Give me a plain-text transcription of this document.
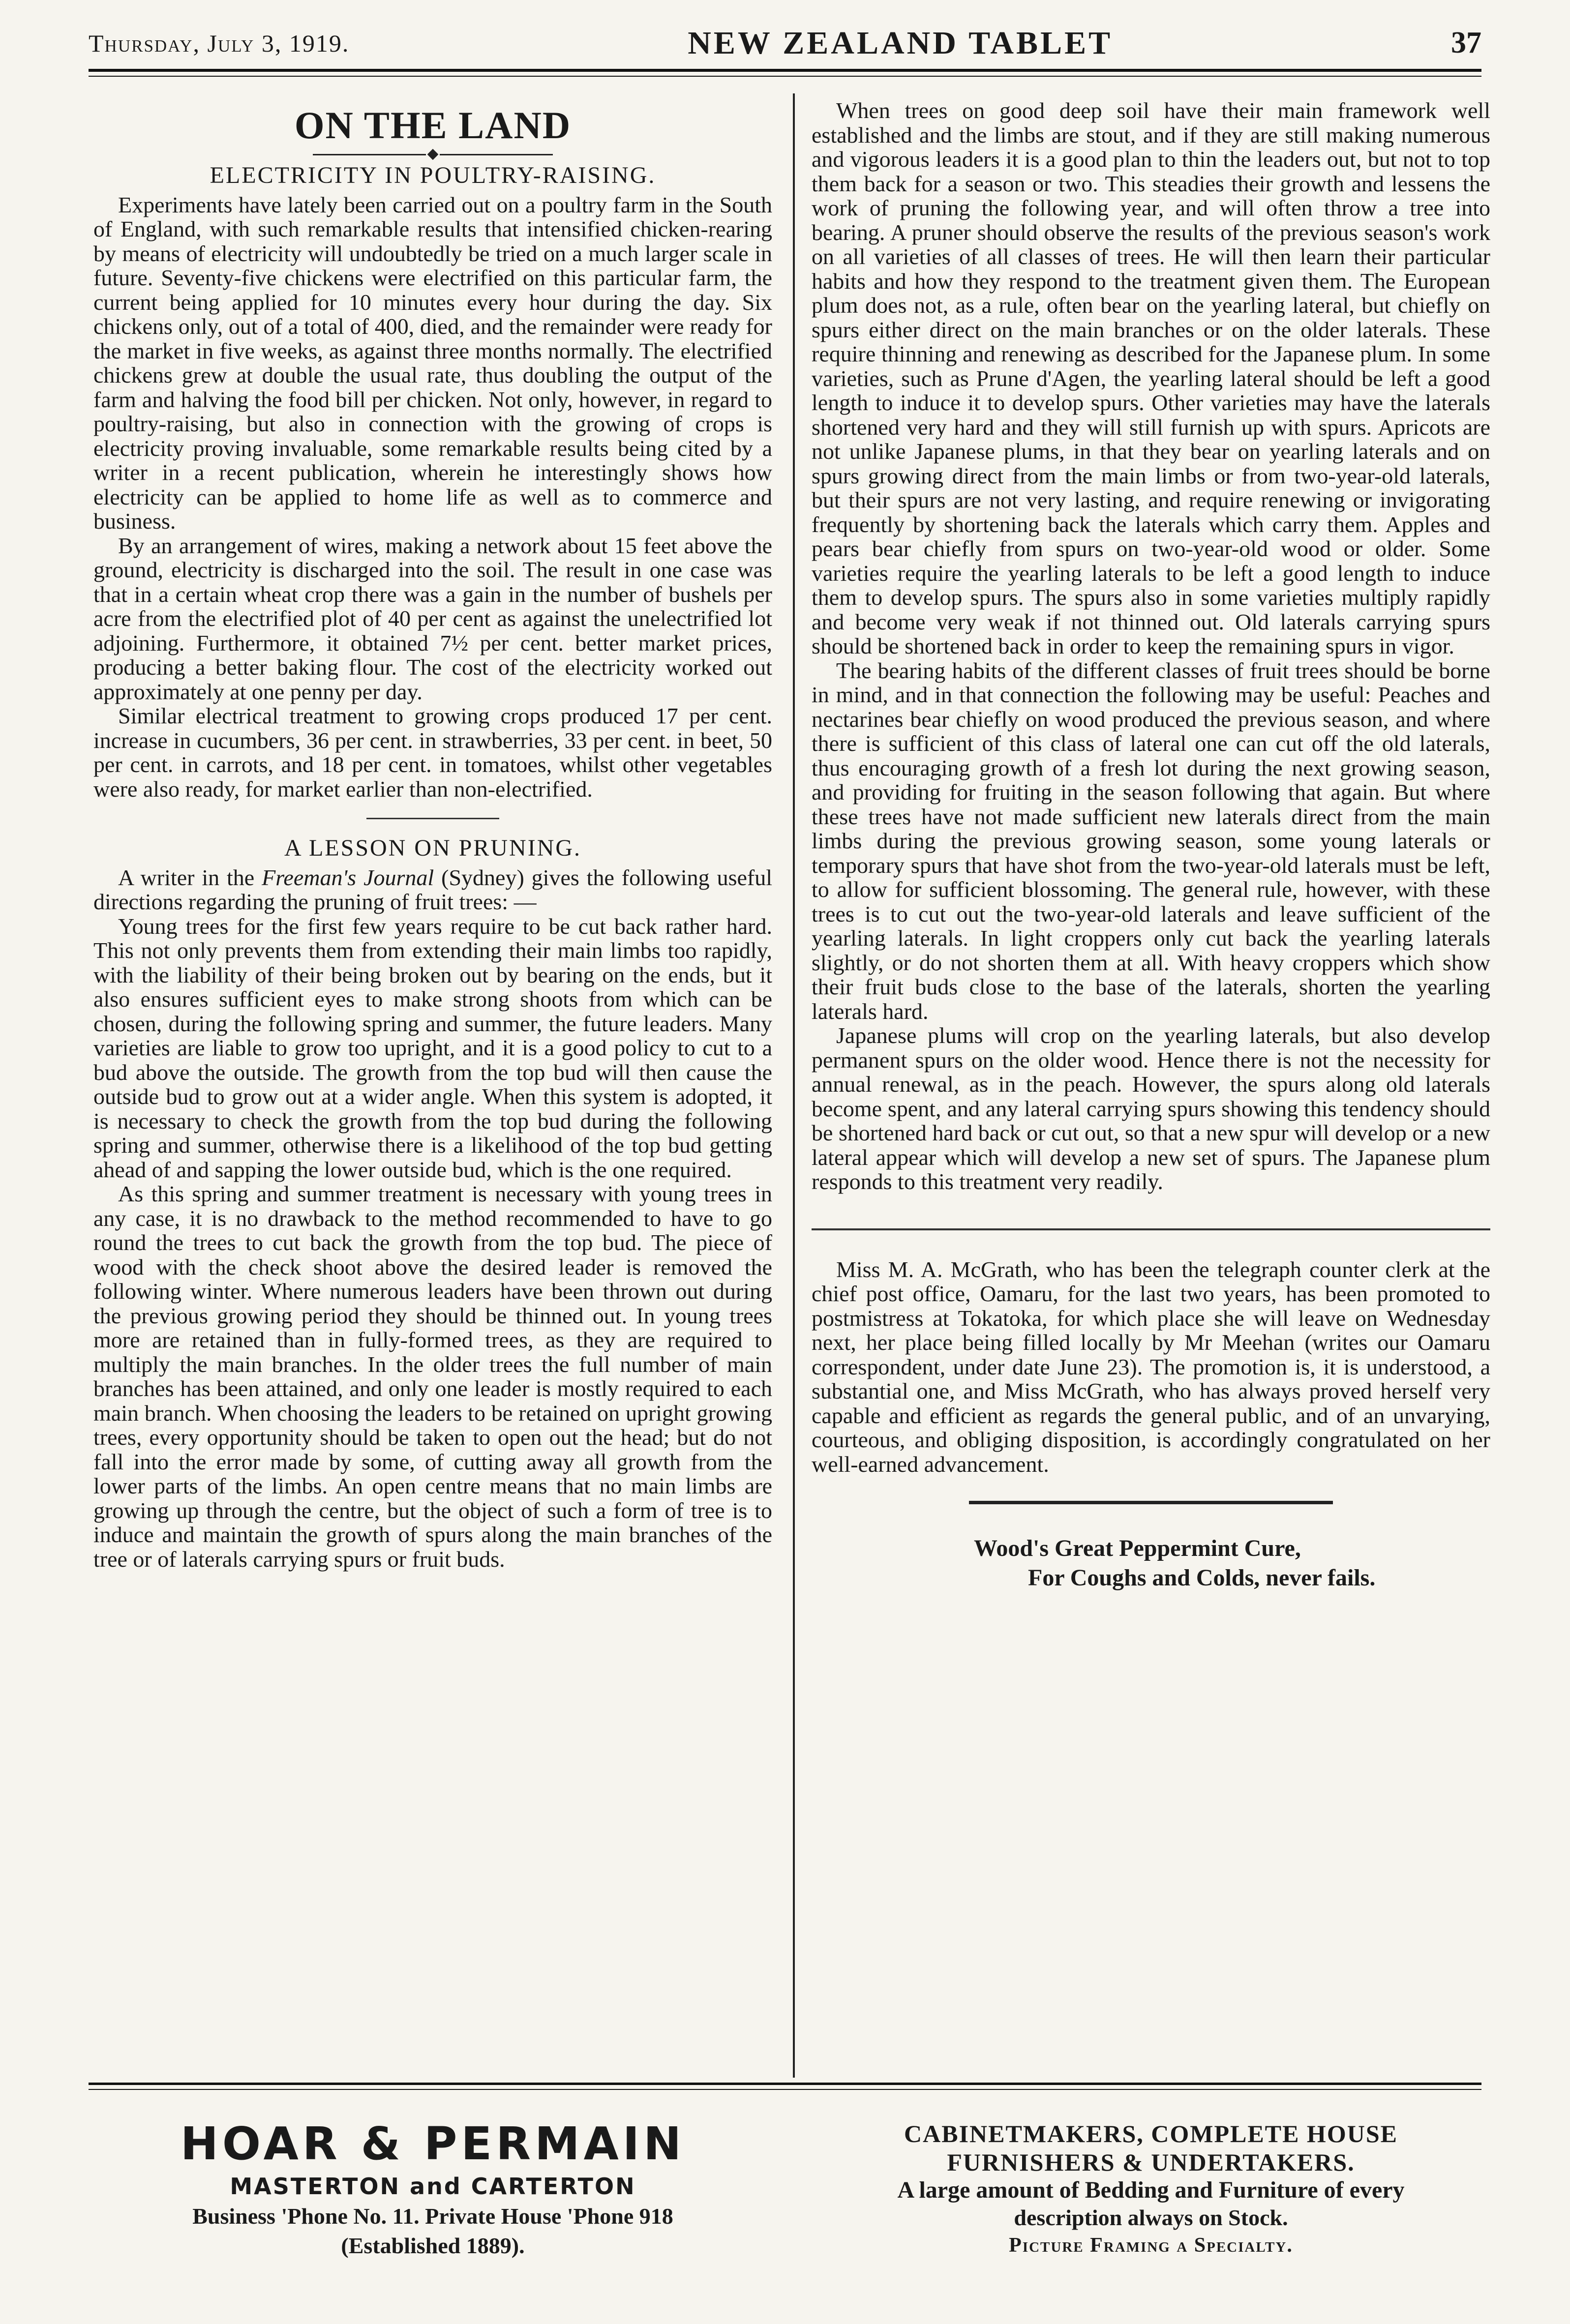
Thursday, July 3, 1919.	NEW ZEALAND TABLET	37
ON THE LAND
ELECTRICITY IN POULTRY-RAISING.

Experiments have lately been carried out on a poultry farm in the South of England, with such remarkable results that intensified chicken-rearing by means of electricity will undoubtedly be tried on a much larger scale in future. Seventy-five chickens were electrified on this particular farm, the current being applied for 10 minutes every hour during the day. Six chickens only, out of a total of 400, died, and the remainder were ready for the market in five weeks, as against three months normally. The electrified chickens grew at double the usual rate, thus doubling the output of the farm and halving the food bill per chicken. Not only, however, in regard to poultry-raising, but also in connection with the growing of crops is electricity proving invaluable, some remarkable results being cited by a writer in a recent publication, wherein he interestingly shows how electricity can be applied to home life as well as to commerce and business.

By an arrangement of wires, making a network about 15 feet above the ground, electricity is discharged into the soil. The result in one case was that in a certain wheat crop there was a gain in the number of bushels per acre from the electrified plot of 40 per cent as against the unelectrified lot adjoining. Furthermore, it obtained 7½ per cent. better market prices, producing a better baking flour. The cost of the electricity worked out approximately at one penny per day.

Similar electrical treatment to growing crops produced 17 per cent. increase in cucumbers, 36 per cent. in strawberries, 33 per cent. in beet, 50 per cent. in carrots, and 18 per cent. in tomatoes, whilst other vegetables were also ready, for market earlier than non-electrified.

A LESSON ON PRUNING.

A writer in the Freeman's Journal (Sydney) gives the following useful directions regarding the pruning of fruit trees: —

Young trees for the first few years require to be cut back rather hard. This not only prevents them from extending their main limbs too rapidly, with the liability of their being broken out by bearing on the ends, but it also ensures sufficient eyes to make strong shoots from which can be chosen, during the following spring and summer, the future leaders. Many varieties are liable to grow too upright, and it is a good policy to cut to a bud above the outside. The growth from the top bud will then cause the outside bud to grow out at a wider angle. When this system is adopted, it is necessary to check the growth from the top bud during the following spring and summer, otherwise there is a likelihood of the top bud getting ahead of and sapping the lower outside bud, which is the one required.

As this spring and summer treatment is necessary with young trees in any case, it is no drawback to the method recommended to have to go round the trees to cut back the growth from the top bud. The piece of wood with the check shoot above the desired leader is removed the following winter. Where numerous leaders have been thrown out during the previous growing period they should be thinned out. In young trees more are retained than in fully-formed trees, as they are required to multiply the main branches. In the older trees the full number of main branches has been attained, and only one leader is mostly required to each main branch. When choosing the leaders to be retained on upright growing trees, every opportunity should be taken to open out the head; but do not fall into the error made by some, of cutting away all growth from the lower parts of the limbs. An open centre means that no main limbs are growing up through the centre, but the object of such a form of tree is to induce and maintain the growth of spurs along the main branches of the tree or of laterals carrying spurs or fruit buds.

When trees on good deep soil have their main framework well established and the limbs are stout, and if they are still making numerous and vigorous leaders it is a good plan to thin the leaders out, but not to top them back for a season or two. This steadies their growth and lessens the work of pruning the following year, and will often throw a tree into bearing. A pruner should observe the results of the previous season's work on all varieties of all classes of trees. He will then learn their particular habits and how they respond to the treatment given them. The European plum does not, as a rule, often bear on the yearling lateral, but chiefly on spurs either direct on the main branches or on the older laterals. These require thinning and renewing as described for the Japanese plum. In some varieties, such as Prune d'Agen, the yearling lateral should be left a good length to induce it to develop spurs. Other varieties may have the laterals shortened very hard and they will still furnish up with spurs. Apricots are not unlike Japanese plums, in that they bear on yearling laterals and on spurs growing direct from the main limbs or from two-year-old laterals, but their spurs are not very lasting, and require renewing or invigorating frequently by shortening back the laterals which carry them. Apples and pears bear chiefly from spurs on two-year-old wood or older. Some varieties require the yearling laterals to be left a good length to induce them to develop spurs. The spurs also in some varieties multiply rapidly and become very weak if not thinned out. Old laterals carrying spurs should be shortened back in order to keep the remaining spurs in vigor.

The bearing habits of the different classes of fruit trees should be borne in mind, and in that connection the following may be useful: Peaches and nectarines bear chiefly on wood produced the previous season, and where there is sufficient of this class of lateral one can cut off the old laterals, thus encouraging growth of a fresh lot during the next growing season, and providing for fruiting in the season following that again. But where these trees have not made sufficient new laterals direct from the main limbs during the previous growing season, some young laterals or temporary spurs that have shot from the two-year-old laterals must be left, to allow for sufficient blossoming. The general rule, however, with these trees is to cut out the two-year-old laterals and leave sufficient of the yearling laterals. In light croppers only cut back the yearling laterals slightly, or do not shorten them at all. With heavy croppers which show their fruit buds close to the base of the laterals, shorten the yearling laterals hard.

Japanese plums will crop on the yearling laterals, but also develop permanent spurs on the older wood. Hence there is not the necessity for annual renewal, as in the peach. However, the spurs along old laterals become spent, and any lateral carrying spurs showing this tendency should be shortened hard back or cut out, so that a new spur will develop or a new lateral appear which will develop a new set of spurs. The Japanese plum responds to this treatment very readily.

Miss M. A. McGrath, who has been the telegraph counter clerk at the chief post office, Oamaru, for the last two years, has been promoted to postmistress at Tokatoka, for which place she will leave on Wednesday next, her place being filled locally by Mr Meehan (writes our Oamaru correspondent, under date June 23). The promotion is, it is understood, a substantial one, and Miss McGrath, who has always proved herself very capable and efficient as regards the general public, and of an unvarying, courteous, and obliging disposition, is accordingly congratulated on her well-earned advancement.

Wood's Great Peppermint Cure,
For Coughs and Colds, never fails.
HOAR & PERMAIN
MASTERTON and CARTERTON
Business 'Phone No. 11. Private House 'Phone 918
(Established 1889).
CABINETMAKERS, COMPLETE HOUSE
FURNISHERS & UNDERTAKERS.
A large amount of Bedding and Furniture of every
description always on Stock.
Picture Framing a Specialty.
